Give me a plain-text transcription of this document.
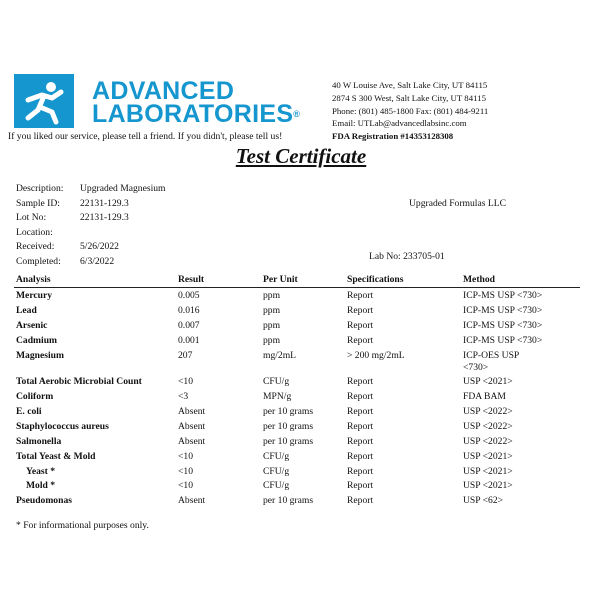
ADVANCED
LABORATORIES®
If you liked our service, please tell a friend. If you didn't, please tell us!
40 W Louise Ave, Salt Lake City, UT 84115
2874 S 300 West, Salt Lake City, UT 84115
Phone: (801) 485-1800 Fax: (801) 484-9211
Email: UTLab@advancedlabsinc.com
FDA Registration #14353128308
Test Certificate
Description: Upgraded Magnesium
Sample ID: 22131-129.3
Lot No:	22131-129.3
Location:
Received:	5/26/2022
Completed: 6/3/2022
Upgraded Formulas LLC
Lab No: 233705-01
Analysis	Result	Per Unit	Specifications	Method
Mercury	0.005	ppm	Report	ICP-MS USP <730>
Lead	0.016	ppm	Report	ICP-MS USP <730>
Arsenic	0.007	ppm	Report	ICP-MS USP <730>
Cadmium	0.001	ppm	Report	ICP-MS USP <730>
Magnesium	207	mg/2mL	> 200 mg/2mL	ICP-OES USP
<730>
Total Aerobic Microbial Count	<10	CFU/g	Report	USP <2021>
Coliform	<3	MPN/g	Report	FDA BAM
E. coli	Absent	per 10 grams	Report	USP <2022>
Staphylococcus aureus	Absent	per 10 grams	Report	USP <2022>
Salmonella	Absent	per 10 grams	Report	USP <2022>
Total Yeast & Mold	<10	CFU/g	Report	USP <2021>
Yeast *	<10	CFU/g	Report	USP <2021>
Mold *	<10	CFU/g	Report	USP <2021>
Pseudomonas	Absent	per 10 grams	Report	USP <62>
* For informational purposes only.
